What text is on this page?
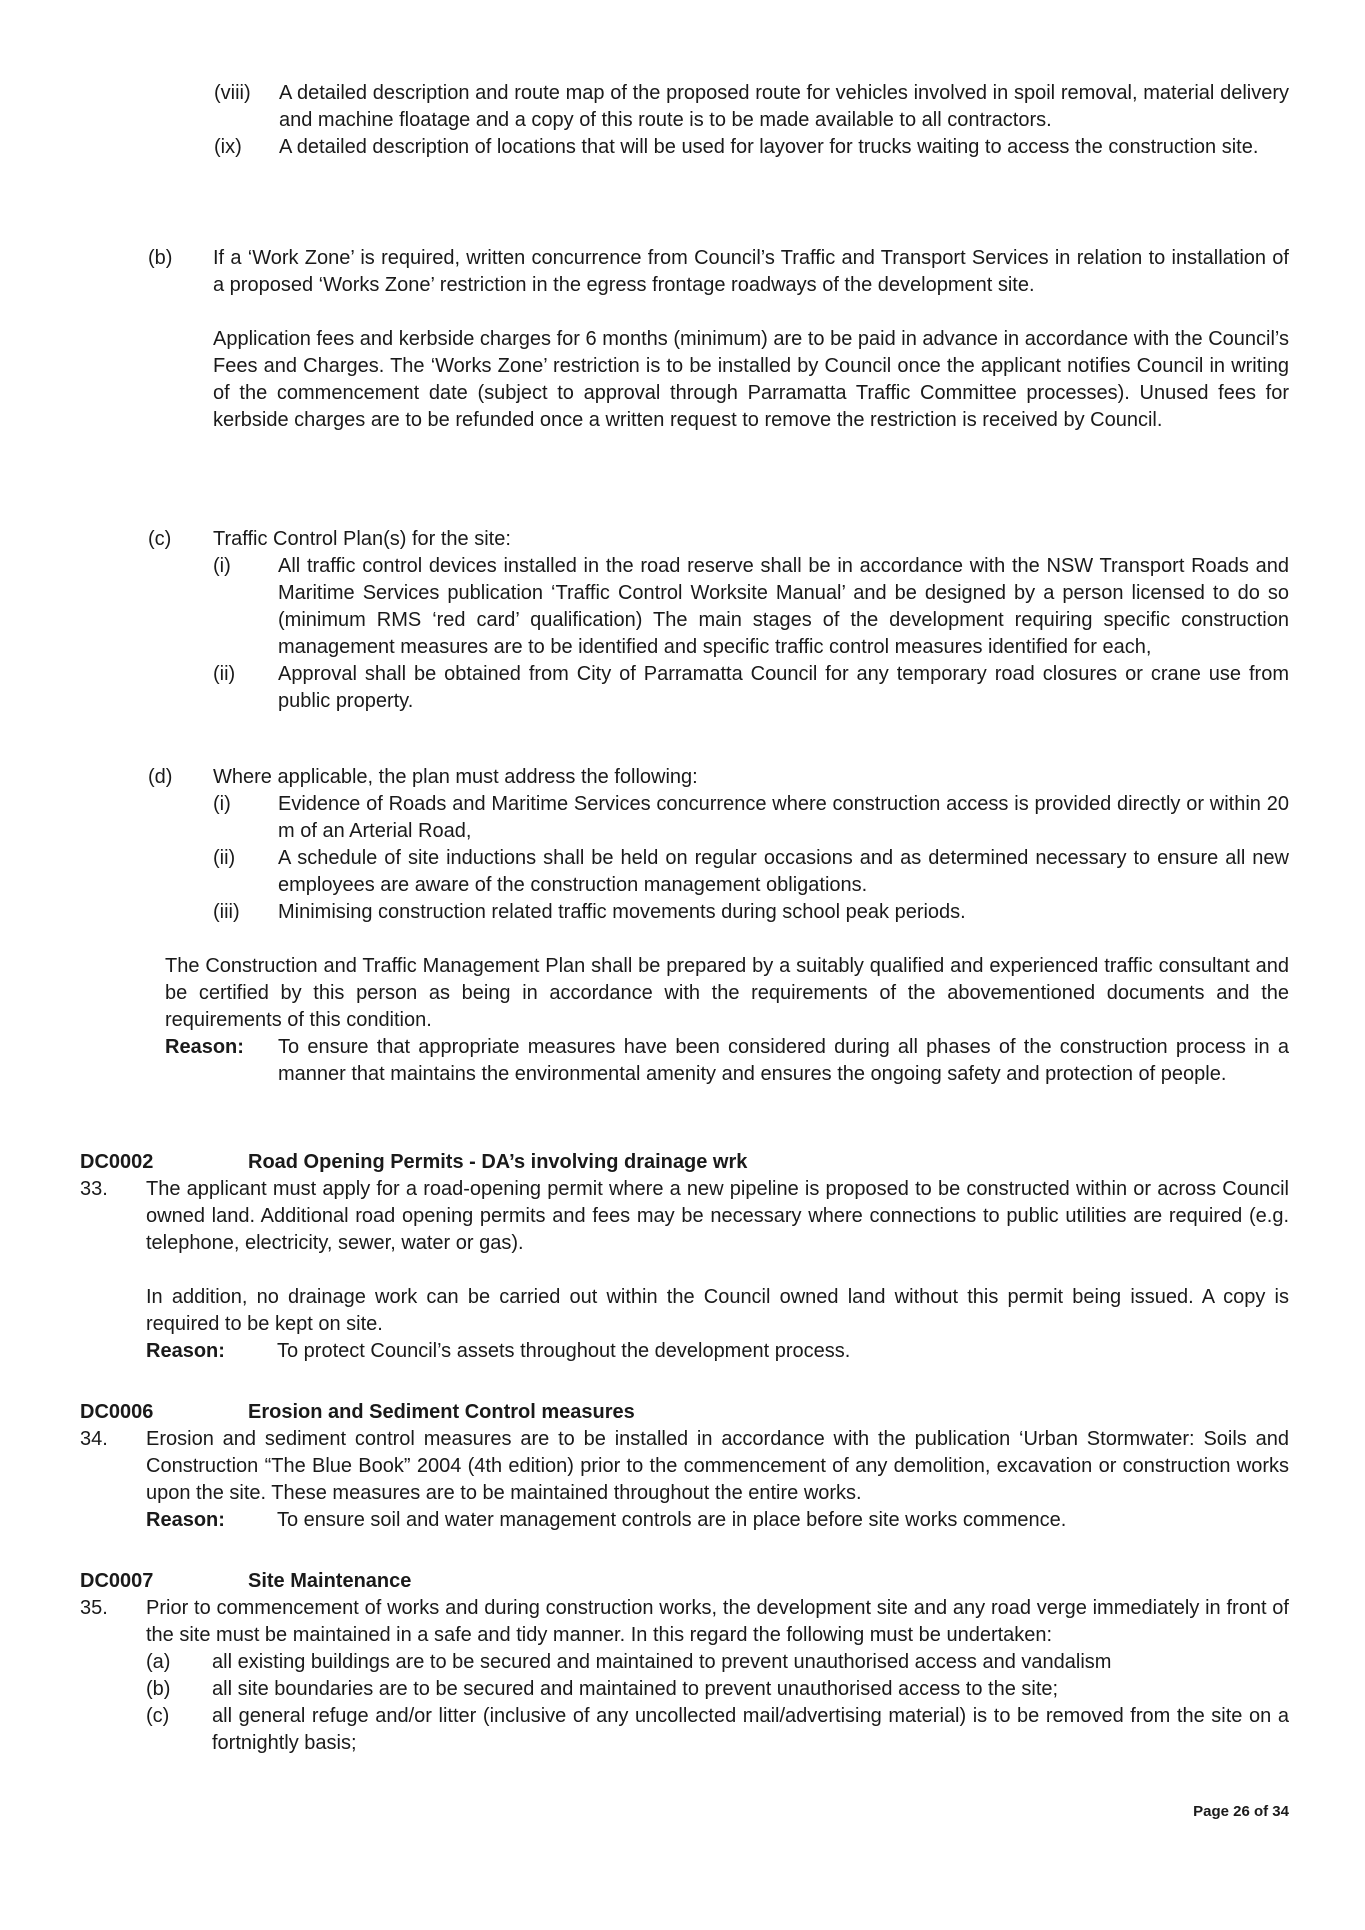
(viii)	A detailed description and route map of the proposed route for vehicles involved in spoil removal, material delivery and machine floatage and a copy of this route is to be made available to all contractors.
(ix)	A detailed description of locations that will be used for layover for trucks waiting to access the construction site.
(b)	If a ‘Work Zone’ is required, written concurrence from Council’s Traffic and Transport Services in relation to installation of a proposed ‘Works Zone’ restriction in the egress frontage roadways of the development site.
Application fees and kerbside charges for 6 months (minimum) are to be paid in advance in accordance with the Council’s Fees and Charges. The ‘Works Zone’ restriction is to be installed by Council once the applicant notifies Council in writing of the commencement date (subject to approval through Parramatta Traffic Committee processes). Unused fees for kerbside charges are to be refunded once a written request to remove the restriction is received by Council.
(c)	Traffic Control Plan(s) for the site:
(i)	All traffic control devices installed in the road reserve shall be in accordance with the NSW Transport Roads and Maritime Services publication ‘Traffic Control Worksite Manual’ and be designed by a person licensed to do so (minimum RMS ‘red card’ qualification) The main stages of the development requiring specific construction management measures are to be identified and specific traffic control measures identified for each,
(ii)	Approval shall be obtained from City of Parramatta Council for any temporary road closures or crane use from public property.
(d)	Where applicable, the plan must address the following:
(i)	Evidence of Roads and Maritime Services concurrence where construction access is provided directly or within 20 m of an Arterial Road,
(ii)	A schedule of site inductions shall be held on regular occasions and as determined necessary to ensure all new employees are aware of the construction management obligations.
(iii)	Minimising construction related traffic movements during school peak periods.
The Construction and Traffic Management Plan shall be prepared by a suitably qualified and experienced traffic consultant and be certified by this person as being in accordance with the requirements of the abovementioned documents and the requirements of this condition.
Reason:	To ensure that appropriate measures have been considered during all phases of the construction process in a manner that maintains the environmental amenity and ensures the ongoing safety and protection of people.
DC0002	Road Opening Permits - DA’s involving drainage wrk
33.	The applicant must apply for a road-opening permit where a new pipeline is proposed to be constructed within or across Council owned land. Additional road opening permits and fees may be necessary where connections to public utilities are required (e.g. telephone, electricity, sewer, water or gas).
In addition, no drainage work can be carried out within the Council owned land without this permit being issued. A copy is required to be kept on site.
Reason:	To protect Council’s assets throughout the development process.
DC0006	Erosion and Sediment Control measures
34.	Erosion and sediment control measures are to be installed in accordance with the publication ‘Urban Stormwater: Soils and Construction “The Blue Book” 2004 (4th edition) prior to the commencement of any demolition, excavation or construction works upon the site. These measures are to be maintained throughout the entire works.
Reason:	To ensure soil and water management controls are in place before site works commence.
DC0007	Site Maintenance
35.	Prior to commencement of works and during construction works, the development site and any road verge immediately in front of the site must be maintained in a safe and tidy manner. In this regard the following must be undertaken:
(a)	all existing buildings are to be secured and maintained to prevent unauthorised access and vandalism
(b)	all site boundaries are to be secured and maintained to prevent unauthorised access to the site;
(c)	all general refuge and/or litter (inclusive of any uncollected mail/advertising material) is to be removed from the site on a fortnightly basis;
Page 26 of 34
